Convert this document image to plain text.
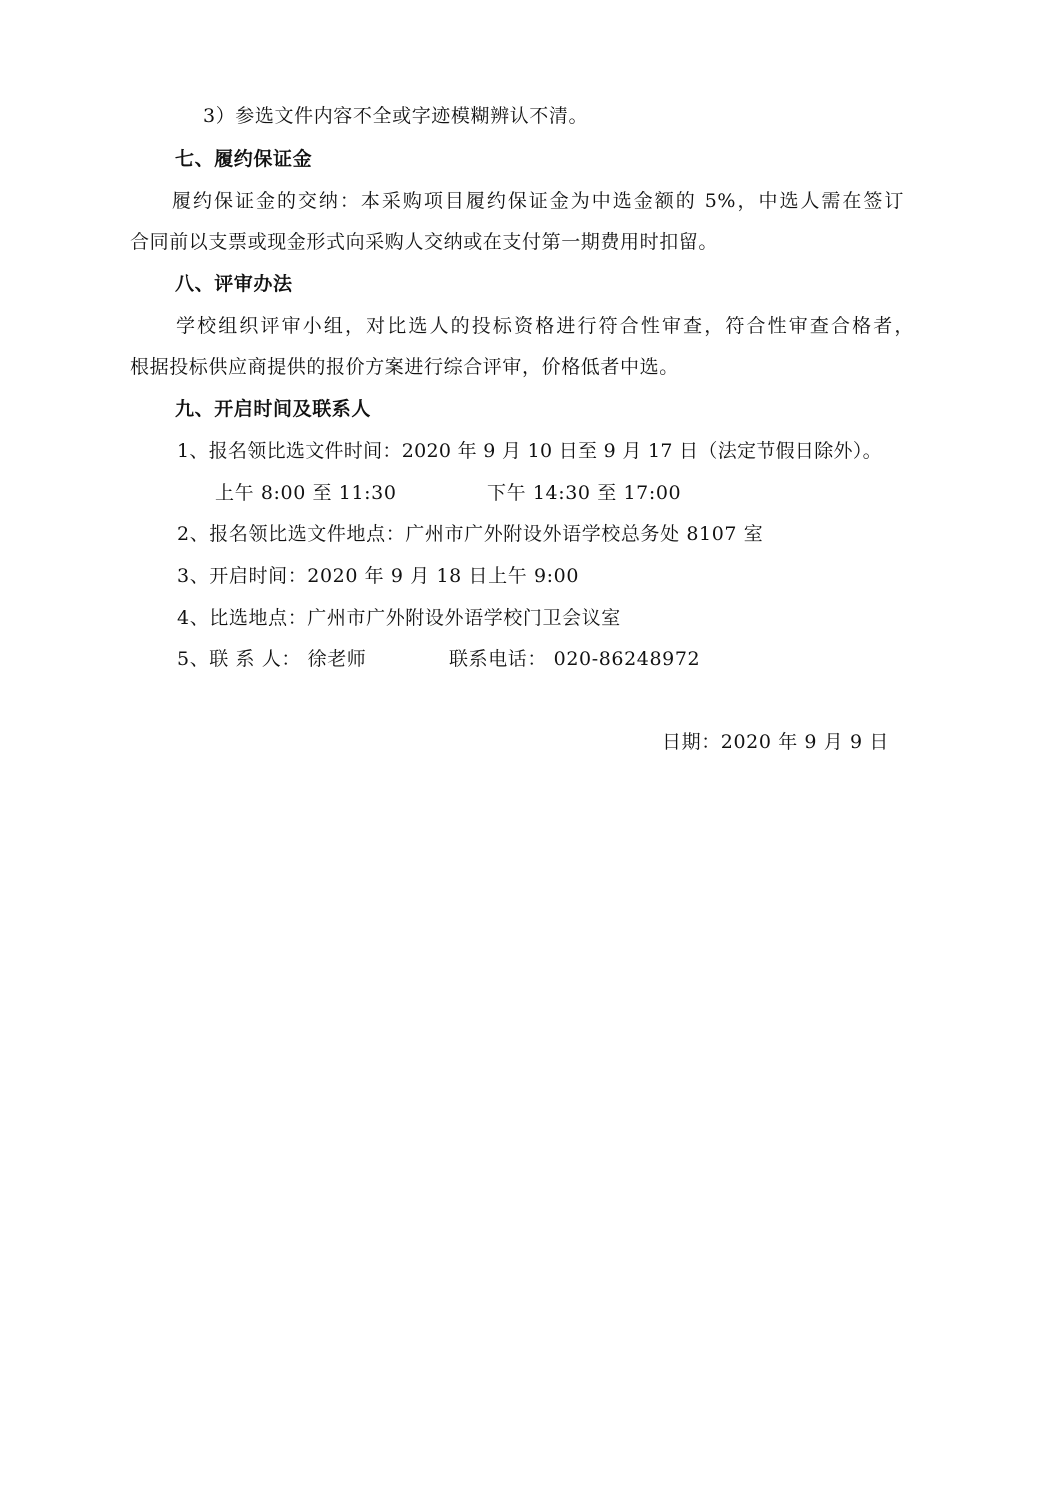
3）参选文件内容不全或字迹模糊辨认不清。
七、履约保证金
履约保证金的交纳：本采购项目履约保证金为中选金额的 5%，中选人需在签订
合同前以支票或现金形式向采购人交纳或在支付第一期费用时扣留。
八、评审办法
学校组织评审小组，对比选人的投标资格进行符合性审查，符合性审查合格者，
根据投标供应商提供的报价方案进行综合评审，价格低者中选。
九、开启时间及联系人
1、报名领比选文件时间：2020 年 9 月 10 日至 9 月 17 日（法定节假日除外）。
上午 8:00 至 11:30	下午 14:30 至 17:00
2、报名领比选文件地点：广州市广外附设外语学校总务处 8107 室
3、开启时间：2020 年 9 月 18 日上午 9:00
4、比选地点：广州市广外附设外语学校门卫会议室
5、联 系 人： 徐老师	联系电话： 020-86248972
日期：2020 年 9 月 9 日
